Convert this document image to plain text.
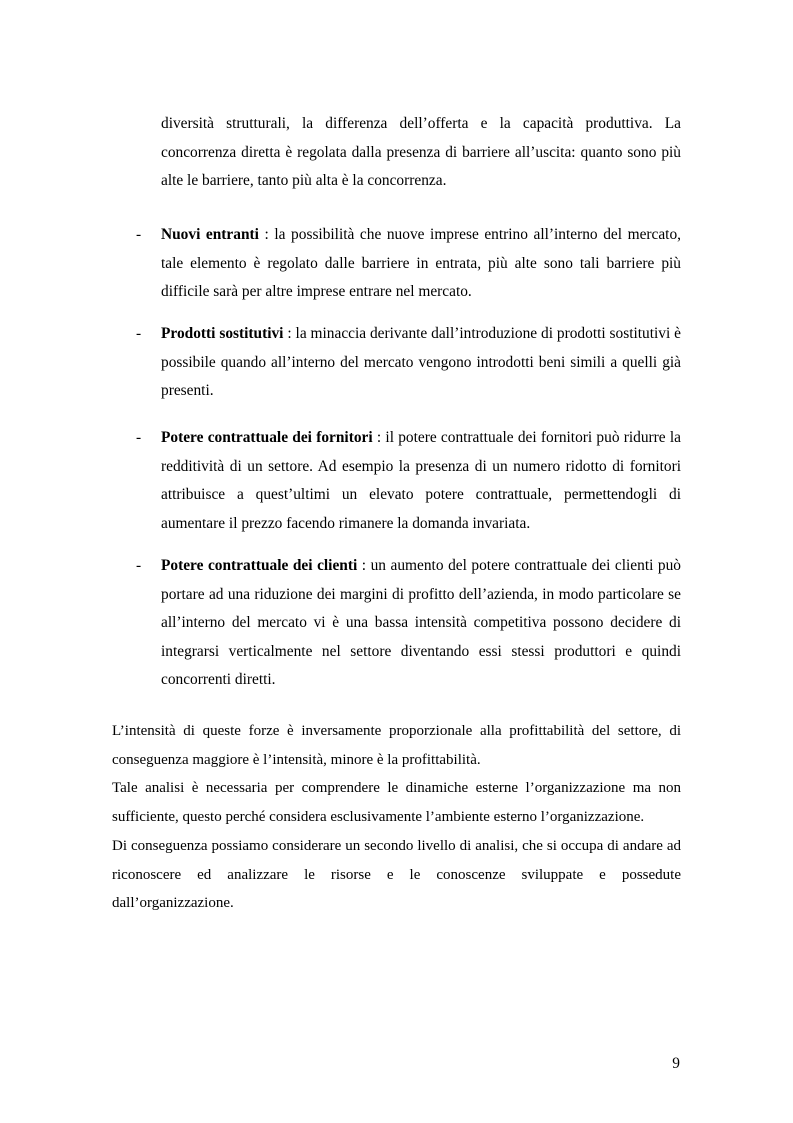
diversità strutturali, la differenza dell’offerta e la capacità produttiva. La concorrenza diretta è regolata dalla presenza di barriere all’uscita: quanto sono più alte le barriere, tanto più alta è la concorrenza.

- Nuovi entranti : la possibilità che nuove imprese entrino all’interno del mercato, tale elemento è regolato dalle barriere in entrata, più alte sono tali barriere più difficile sarà per altre imprese entrare nel mercato.

- Prodotti sostitutivi : la minaccia derivante dall’introduzione di prodotti sostitutivi è possibile quando all’interno del mercato vengono introdotti beni simili a quelli già presenti.

- Potere contrattuale dei fornitori : il potere contrattuale dei fornitori può ridurre la redditività di un settore. Ad esempio la presenza di un numero ridotto di fornitori attribuisce a quest’ultimi un elevato potere contrattuale, permettendogli di aumentare il prezzo facendo rimanere la domanda invariata.

- Potere contrattuale dei clienti : un aumento del potere contrattuale dei clienti può portare ad una riduzione dei margini di profitto dell’azienda, in modo particolare se all’interno del mercato vi è una bassa intensità competitiva possono decidere di integrarsi verticalmente nel settore diventando essi stessi produttori e quindi concorrenti diretti.

L’intensità di queste forze è inversamente proporzionale alla profittabilità del settore, di conseguenza maggiore è l’intensità, minore è la profittabilità.
Tale analisi è necessaria per comprendere le dinamiche esterne l’organizzazione ma non sufficiente, questo perché considera esclusivamente l’ambiente esterno l’organizzazione.
Di conseguenza possiamo considerare un secondo livello di analisi, che si occupa di andare ad riconoscere ed analizzare le risorse e le conoscenze sviluppate e possedute dall’organizzazione.
9
